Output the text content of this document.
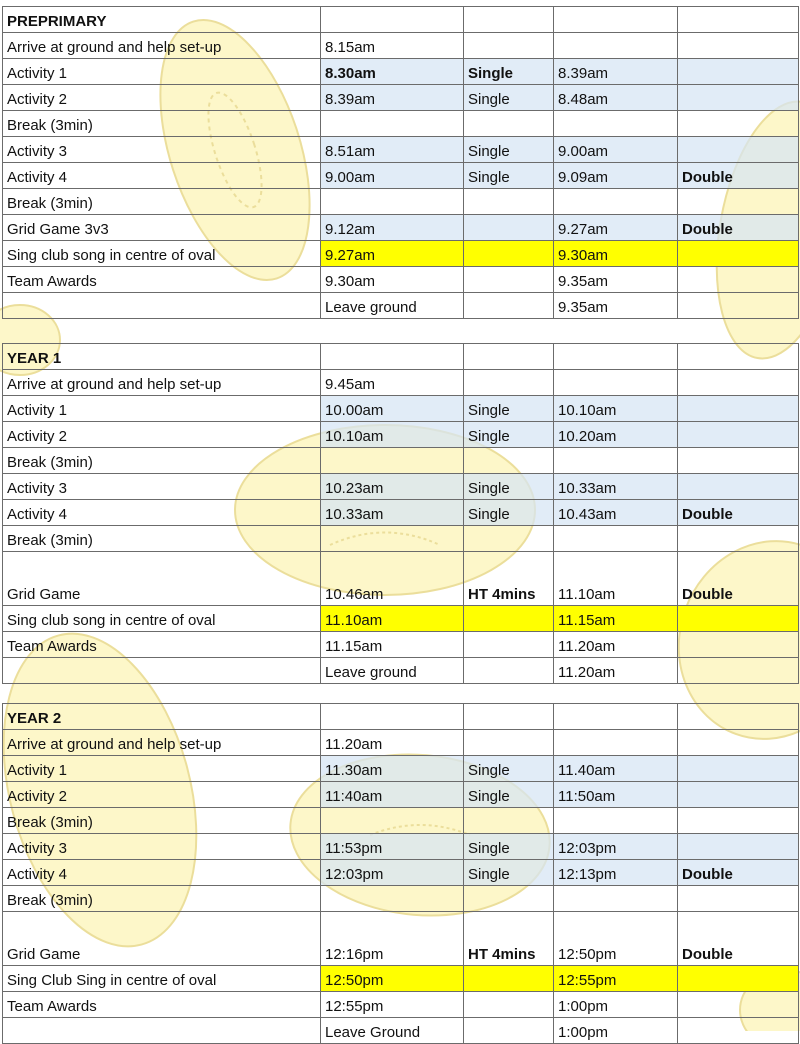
PREPRIMARY				
Arrive at ground and help set-up	8.15am			
Activity 1	8.30am	Single	8.39am	
Activity 2	8.39am	Single	8.48am	
Break (3min)				
Activity 3	8.51am	Single	9.00am	
Activity 4	9.00am	Single	9.09am	Double
Break (3min)				
Grid Game 3v3	9.12am		9.27am	Double
Sing club song in centre of oval	9.27am		9.30am	
Team Awards	9.30am		9.35am	
	Leave ground		9.35am	
YEAR 1				
Arrive at ground and help set-up	9.45am			
Activity 1	10.00am	Single	10.10am	
Activity 2	10.10am	Single	10.20am	
Break (3min)				
Activity 3	10.23am	Single	10.33am	
Activity 4	10.33am	Single	10.43am	Double
Break (3min)				
Grid Game	10.46am	HT 4mins	11.10am	Double
Sing club song in centre of oval	11.10am		11.15am	
Team Awards	11.15am		11.20am	
	Leave ground		11.20am	
YEAR 2				
Arrive at ground and help set-up	11.20am			
Activity 1	11.30am	Single	11.40am	
Activity 2	11:40am	Single	11:50am	
Break (3min)				
Activity 3	11:53pm	Single	12:03pm	
Activity 4	12:03pm	Single	12:13pm	Double
Break (3min)				
Grid Game	12:16pm	HT 4mins	12:50pm	Double
Sing Club Sing in centre of oval	12:50pm		12:55pm	
Team Awards	12:55pm		1:00pm	
	Leave Ground		1:00pm	
